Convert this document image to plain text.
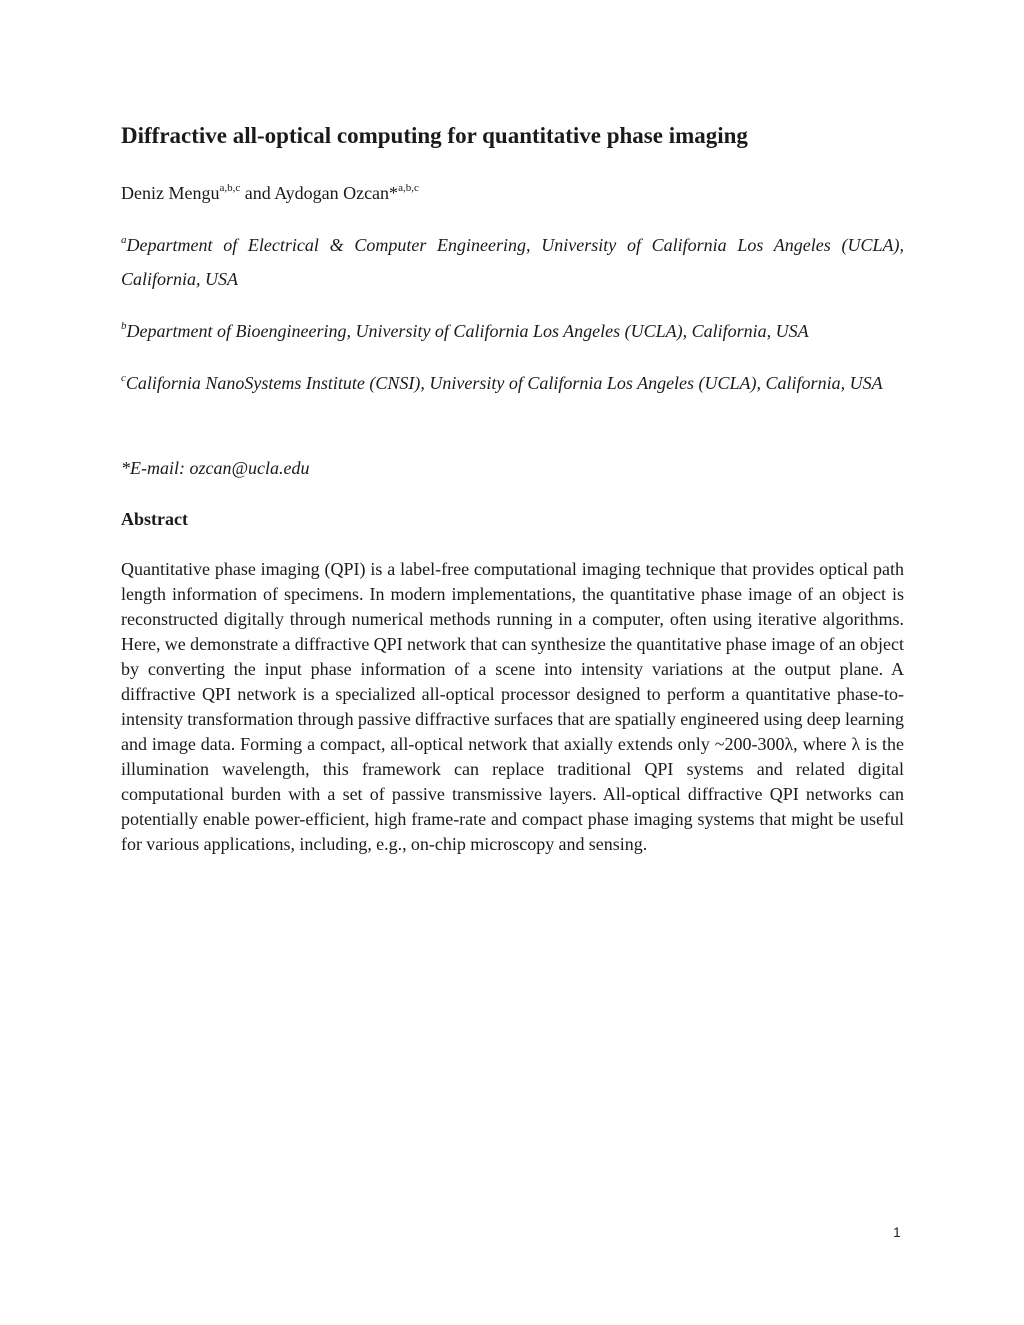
Diffractive all-optical computing for quantitative phase imaging

Deniz Mengu$^{a,b,c}$ and Aydogan Ozcan*$^{a,b,c}$

$^a$Department of Electrical & Computer Engineering, University of California Los Angeles (UCLA), California, USA

$^b$Department of Bioengineering, University of California Los Angeles (UCLA), California, USA

$^c$California NanoSystems Institute (CNSI), University of California Los Angeles (UCLA), California, USA

*E-mail: ozcan@ucla.edu

Abstract

Quantitative phase imaging (QPI) is a label-free computational imaging technique that provides optical path length information of specimens. In modern implementations, the quantitative phase image of an object is reconstructed digitally through numerical methods running in a computer, often using iterative algorithms. Here, we demonstrate a diffractive QPI network that can synthesize the quantitative phase image of an object by converting the input phase information of a scene into intensity variations at the output plane. A diffractive QPI network is a specialized all-optical processor designed to perform a quantitative phase-to-intensity transformation through passive diffractive surfaces that are spatially engineered using deep learning and image data. Forming a compact, all-optical network that axially extends only ~200-300λ, where λ is the illumination wavelength, this framework can replace traditional QPI systems and related digital computational burden with a set of passive transmissive layers. All-optical diffractive QPI networks can potentially enable power-efficient, high frame-rate and compact phase imaging systems that might be useful for various applications, including, e.g., on-chip microscopy and sensing.

1
